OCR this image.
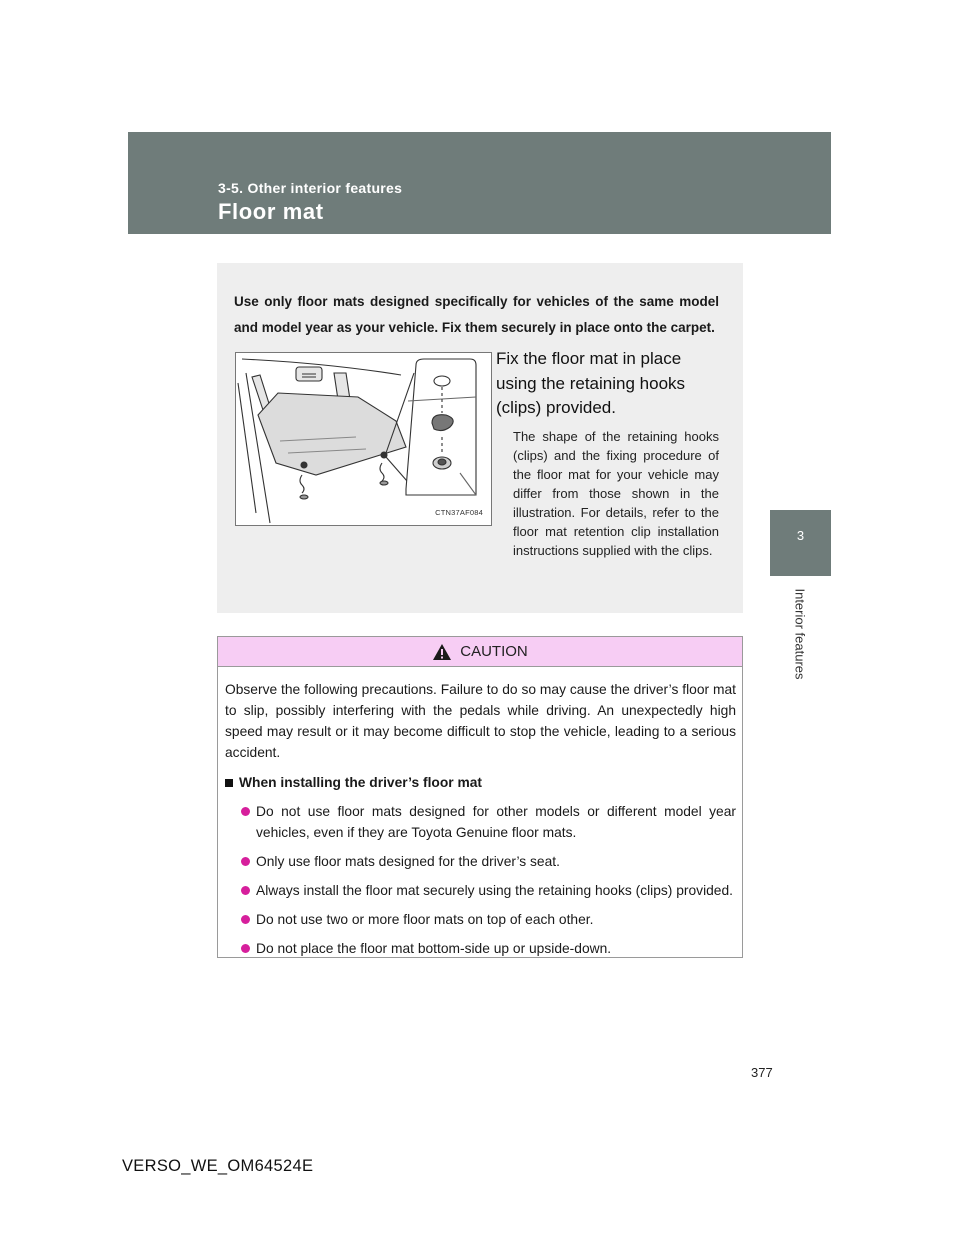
3-5. Other interior features
Floor mat
3
Interior features
Use only floor mats designed specifically for vehicles of the same model and model year as your vehicle. Fix them securely in place onto the carpet.
CTN37AF084
Fix the floor mat in place using the retaining hooks (clips) provided.
The shape of the retaining hooks (clips) and the fixing procedure of the floor mat for your vehicle may differ from those shown in the illustration. For details, refer to the floor mat retention clip installation instructions supplied with the clips.
CAUTION

Observe the following precautions. Failure to do so may cause the driver’s floor mat to slip, possibly interfering with the pedals while driving. An unexpectedly high speed may result or it may become difficult to stop the vehicle, leading to a serious accident.

When installing the driver’s floor mat
Do not use floor mats designed for other models or different model year vehicles, even if they are Toyota Genuine floor mats.
Only use floor mats designed for the driver’s seat.
Always install the floor mat securely using the retaining hooks (clips) provided.
Do not use two or more floor mats on top of each other.
Do not place the floor mat bottom-side up or upside-down.
377
VERSO_WE_OM64524E
